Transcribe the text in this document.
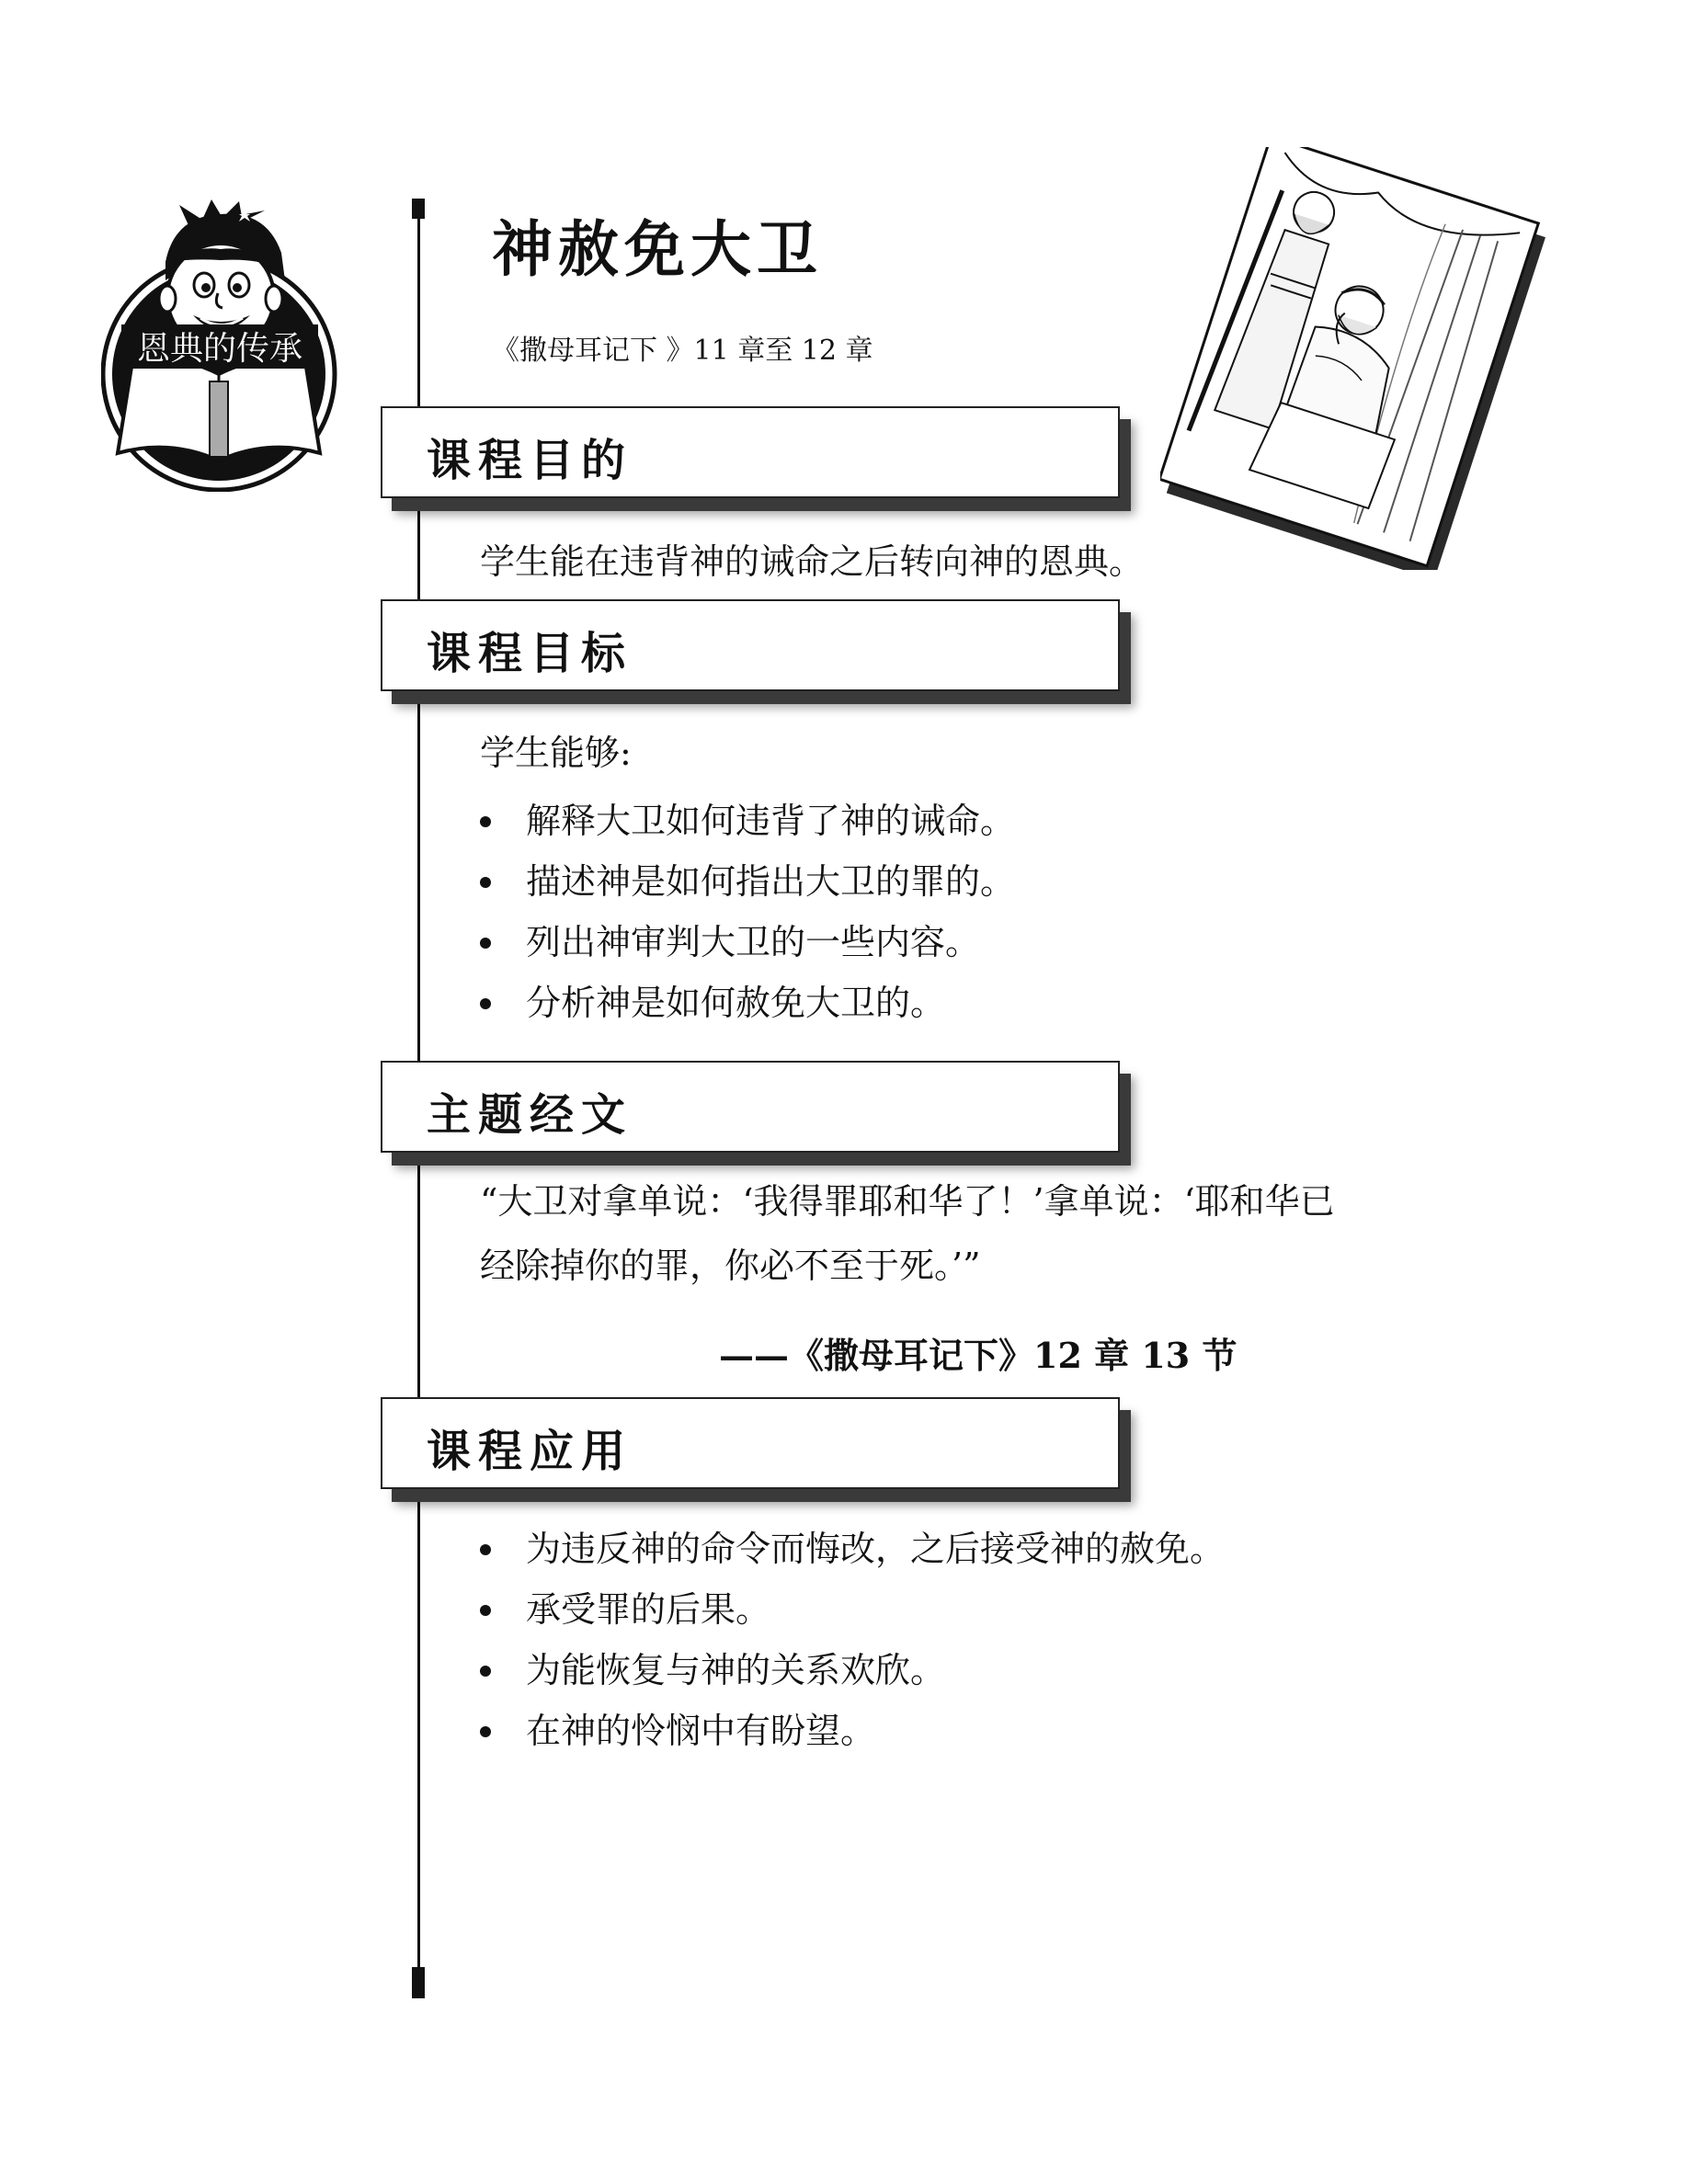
恩典的传承
神赦免大卫
《撒母耳记下 》11 章至 12 章
课程目的
学生能在违背神的诫命之后转向神的恩典。
课程目标
学生能够:
解释大卫如何违背了神的诫命。
描述神是如何指出大卫的罪的。
列出神审判大卫的一些内容。
分析神是如何赦免大卫的。
主题经文
“大卫对拿单说：‘我得罪耶和华了！’拿单说：‘耶和华已
经除掉你的罪，你必不至于死。’”
——《撒母耳记下》12 章 13 节
课程应用
为违反神的命令而悔改，之后接受神的赦免。
承受罪的后果。
为能恢复与神的关系欢欣。
在神的怜悯中有盼望。
